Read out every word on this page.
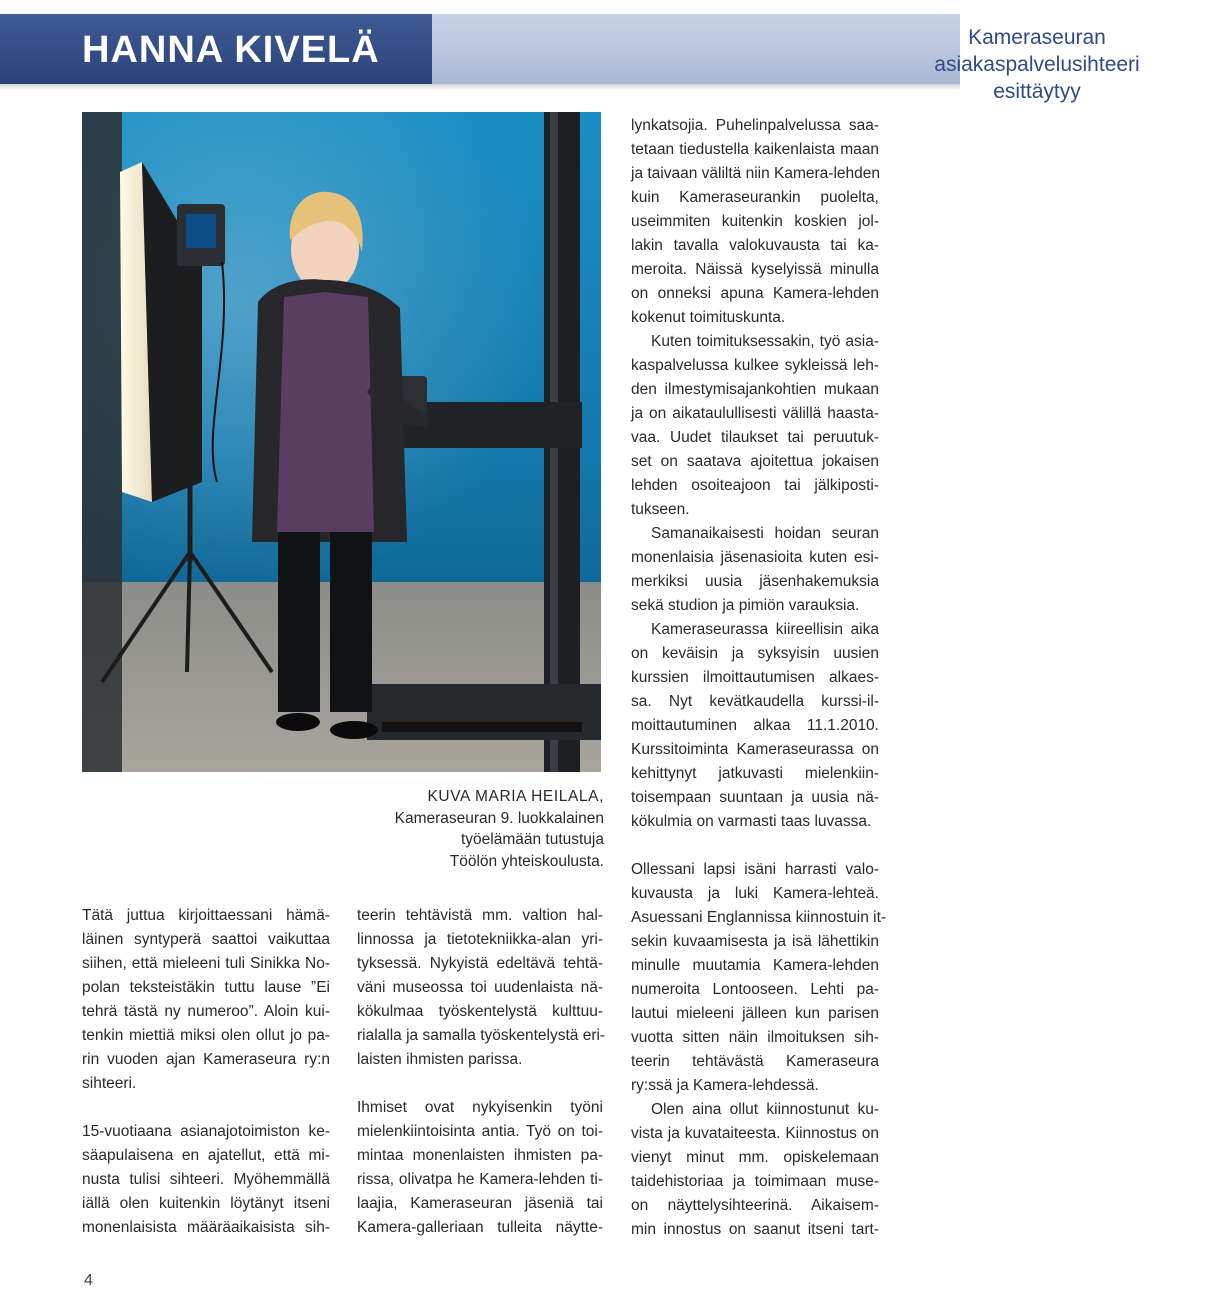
HANNA KIVELÄ	Kameraseuran asiakaspalvelusihteeri
esittäytyy
KUVA MARIA HEILALA,
Kameraseuran 9. luokkalainen
työelämään tutustuja
Töölön yhteiskoulusta.

Tätä juttua kirjoittaessani hämä-
läinen syntyperä saattoi vaikuttaa
siihen, että mieleeni tuli Sinikka No-
polan teksteistäkin tuttu lause ”Ei
tehrä tästä ny numeroo”. Aloin kui-
tenkin miettiä miksi olen ollut jo pa-
rin vuoden ajan Kameraseura ry:n
sihteeri.

15-vuotiaana asianajotoimiston ke-
säapulaisena en ajatellut, että mi-
nusta tulisi sihteeri. Myöhemmällä
iällä olen kuitenkin löytänyt itseni
monenlaisista määräaikaisista sih-

teerin tehtävistä mm. valtion hal-
linnossa ja tietotekniikka-alan yri-
tyksessä. Nykyistä edeltävä tehtä-
väni museossa toi uudenlaista nä-
kökulmaa työskentelystä kulttuu-
rialalla ja samalla työskentelystä eri-
laisten ihmisten parissa.

Ihmiset ovat nykyisenkin työni
mielenkiintoisinta antia. Työ on toi-
mintaa monenlaisten ihmisten pa-
rissa, olivatpa he Kamera-lehden ti-
laajia, Kameraseuran jäseniä tai
Kamera-galleriaan tulleita näytte-

lynkatsojia. Puhelinpalvelussa saa-
tetaan tiedustella kaikenlaista maan
ja taivaan väliltä niin Kamera-lehden
kuin Kameraseurankin puolelta,
useimmiten kuitenkin koskien jol-
lakin tavalla valokuvausta tai ka-
meroita. Näissä kyselyissä minulla
on onneksi apuna Kamera-lehden
kokenut toimituskunta.

Kuten toimituksessakin, työ asia-
kaspalvelussa kulkee sykleissä leh-
den ilmestymisajankohtien mukaan
ja on aikataulullisesti välillä haasta-
vaa. Uudet tilaukset tai peruutuk-
set on saatava ajoitettua jokaisen
lehden osoiteajoon tai jälkiposti-
tukseen.

Samanaikaisesti hoidan seuran
monenlaisia jäsenasioita kuten esi-
merkiksi uusia jäsenhakemuksia
sekä studion ja pimiön varauksia.

Kameraseurassa kiireellisin aika
on keväisin ja syksyisin uusien
kurssien ilmoittautumisen alkaes-
sa. Nyt kevätkaudella kurssi-il-
moittautuminen alkaa 11.1.2010.
Kurssitoiminta Kameraseurassa on
kehittynyt jatkuvasti mielenkiin-
toisempaan suuntaan ja uusia nä-
kökulmia on varmasti taas luvassa.

Ollessani lapsi isäni harrasti valo-
kuvausta ja luki Kamera-lehteä.
Asuessani Englannissa kiinnostuin it-
sekin kuvaamisesta ja isä lähettikin
minulle muutamia Kamera-lehden
numeroita Lontooseen. Lehti pa-
lautui mieleeni jälleen kun parisen
vuotta sitten näin ilmoituksen sih-
teerin tehtävästä Kameraseura
ry:ssä ja Kamera-lehdessä.

Olen aina ollut kiinnostunut ku-
vista ja kuvataiteesta. Kiinnostus on
vienyt minut mm. opiskelemaan
taidehistoriaa ja toimimaan muse-
on näyttelysihteerinä. Aikaisem-
min innostus on saanut itseni tart-

4
